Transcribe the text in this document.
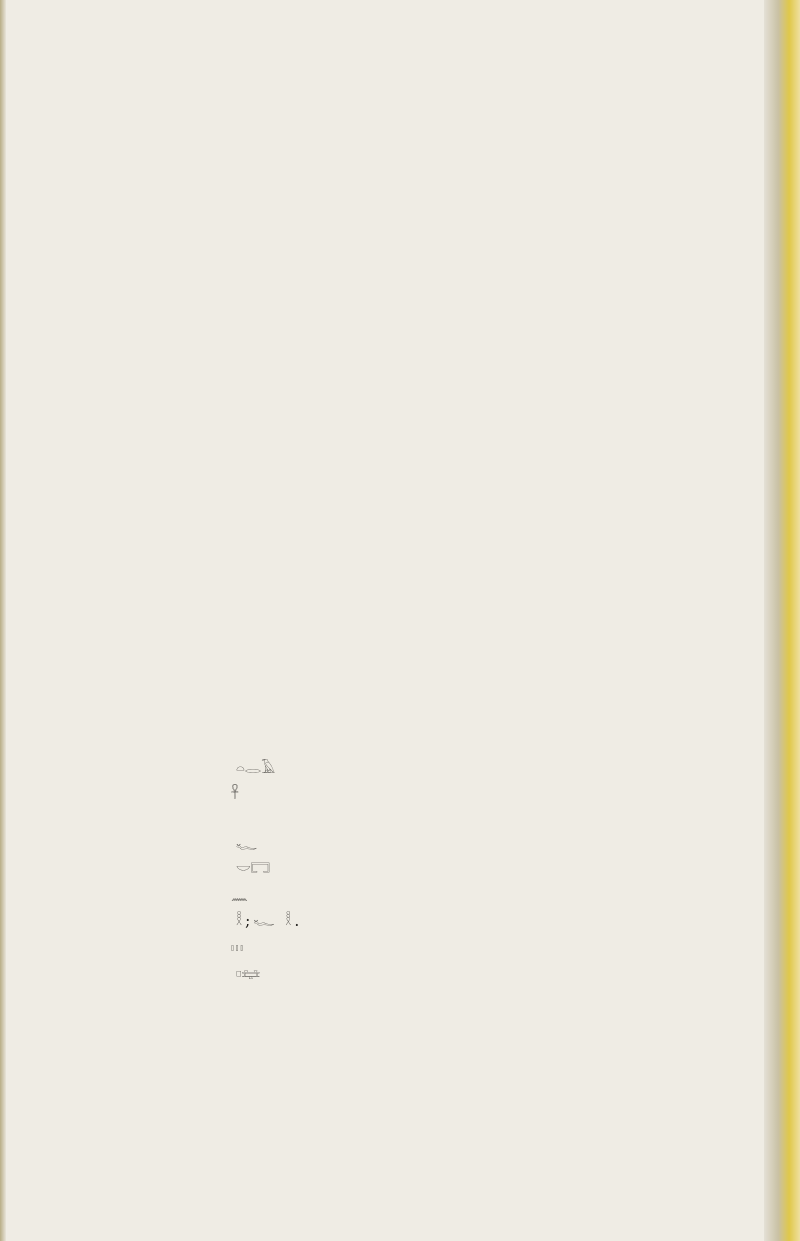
𓏏𓂋𓄿

𓋹

𓆑

𓎟𓉐

𓈖

𓎛 ; 𓆑 𓎛 .

𓏥

𓊪𓈐
